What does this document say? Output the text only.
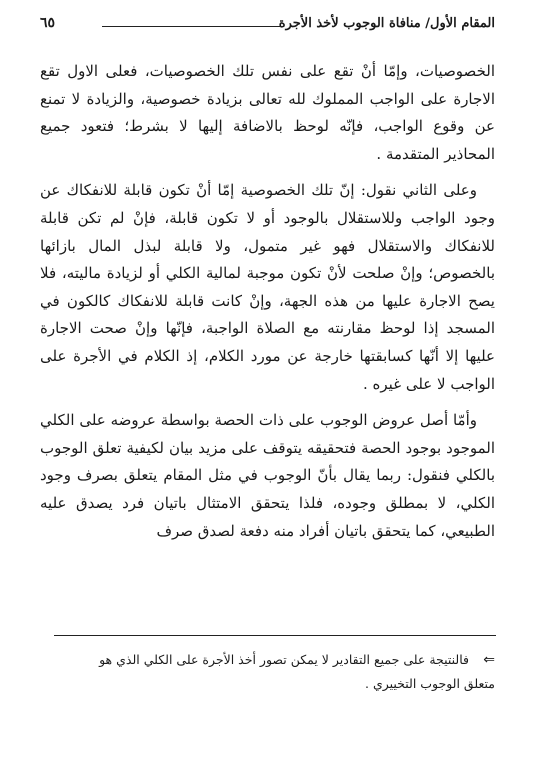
المقام الأول/ منافاة الوجوب لأخذ الأجرة
٦٥

الخصوصيات، وإمّا أنْ تقع على نفس تلك الخصوصيات، فعلى الاول تقع الاجارة على الواجب المملوك لله تعالى بزيادة خصوصية، والزيادة لا تمنع عن وقوع الواجب، فإنّه لوحظ بالاضافة إليها لا بشرط؛ فتعود جميع المحاذير المتقدمة .

وعلى الثاني نقول: إنّ تلك الخصوصية إمّا أنْ تكون قابلة للانفكاك عن وجود الواجب وللاستقلال بالوجود أو لا تكون قابلة، فإنْ لم تكن قابلة للانفكاك والاستقلال فهو غير متمول، ولا قابلة لبذل المال بازائها بالخصوص؛ وإنْ صلحت لأنْ تكون موجبة لمالية الكلي أو لزيادة ماليته، فلا يصح الاجارة عليها من هذه الجهة، وإنْ كانت قابلة للانفكاك كالكون في المسجد إذا لوحظ مقارنته مع الصلاة الواجبة، فإنّها وإنْ صحت الاجارة عليها إلا أنّها كسابقتها خارجة عن مورد الكلام، إذ الكلام في الأجرة على الواجب لا على غيره .

وأمّا أصل عروض الوجوب على ذات الحصة بواسطة عروضه على الكلي الموجود بوجود الحصة فتحقيقه يتوقف على مزيد بيان لكيفية تعلق الوجوب بالكلي فنقول: ربما يقال بأنّ الوجوب في مثل المقام يتعلق بصرف وجود الكلي، لا بمطلق وجوده، فلذا يتحقق الامتثال باتيان فرد يصدق عليه الطبيعي، كما يتحقق باتيان أفراد منه دفعة لصدق صرف

⇐ فالنتيجة على جميع التقادير لا يمكن تصور أخذ الأجرة على الكلي الذي هو
متعلق الوجوب التخييري .
